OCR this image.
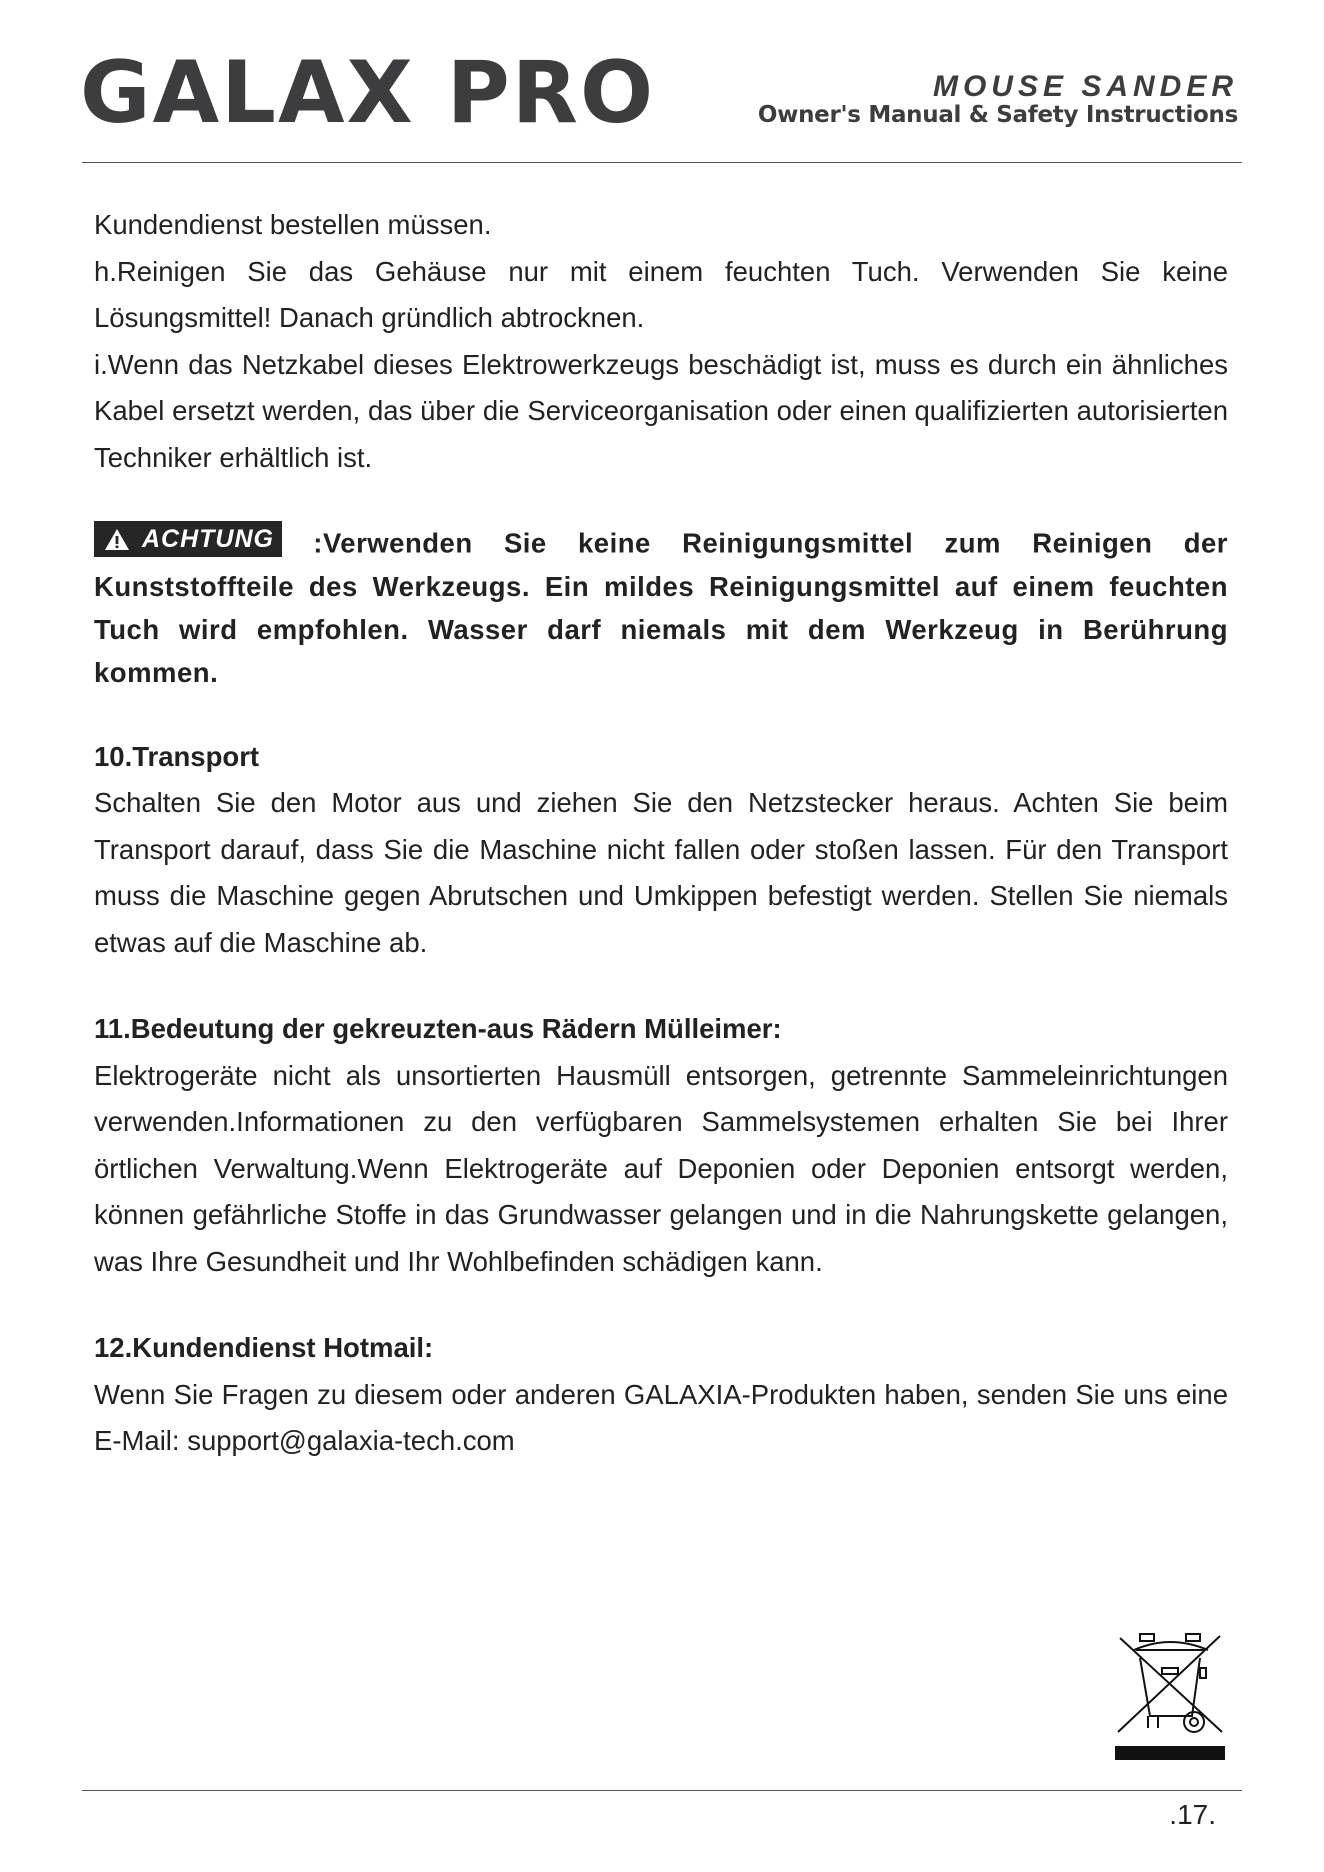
GALAX PRO	MOUSE SANDER
Owner's Manual & Safety Instructions

Kundendienst bestellen müssen.

h.Reinigen Sie das Gehäuse nur mit einem feuchten Tuch. Verwenden Sie keine Lösungsmittel! Danach gründlich abtrocknen.

i.Wenn das Netzkabel dieses Elektrowerkzeugs beschädigt ist, muss es durch ein ähnliches Kabel ersetzt werden, das über die Serviceorganisation oder einen qualifizierten autorisierten Techniker erhältlich ist.

ACHTUNG :Verwenden Sie keine Reinigungsmittel zum Reinigen der Kunststoffteile des Werkzeugs. Ein mildes Reinigungsmittel auf einem feuchten Tuch wird empfohlen. Wasser darf niemals mit dem Werkzeug in Berührung kommen.

10.Transport

Schalten Sie den Motor aus und ziehen Sie den Netzstecker heraus. Achten Sie beim Transport darauf, dass Sie die Maschine nicht fallen oder stoßen lassen. Für den Transport muss die Maschine gegen Abrutschen und Umkippen befestigt werden. Stellen Sie niemals etwas auf die Maschine ab.

11.Bedeutung der gekreuzten-aus Rädern Mülleimer:

Elektrogeräte nicht als unsortierten Hausmüll entsorgen, getrennte Sammeleinrichtungen verwenden.Informationen zu den verfügbaren Sammelsystemen erhalten Sie bei Ihrer örtlichen Verwaltung.Wenn Elektrogeräte auf Deponien oder Deponien entsorgt werden, können gefährliche Stoffe in das Grundwasser gelangen und in die Nahrungskette gelangen, was Ihre Gesundheit und Ihr Wohlbefinden schädigen kann.

12.Kundendienst Hotmail:

Wenn Sie Fragen zu diesem oder anderen GALAXIA-Produkten haben, senden Sie uns eine E-Mail: support@galaxia-tech.com

.17.
